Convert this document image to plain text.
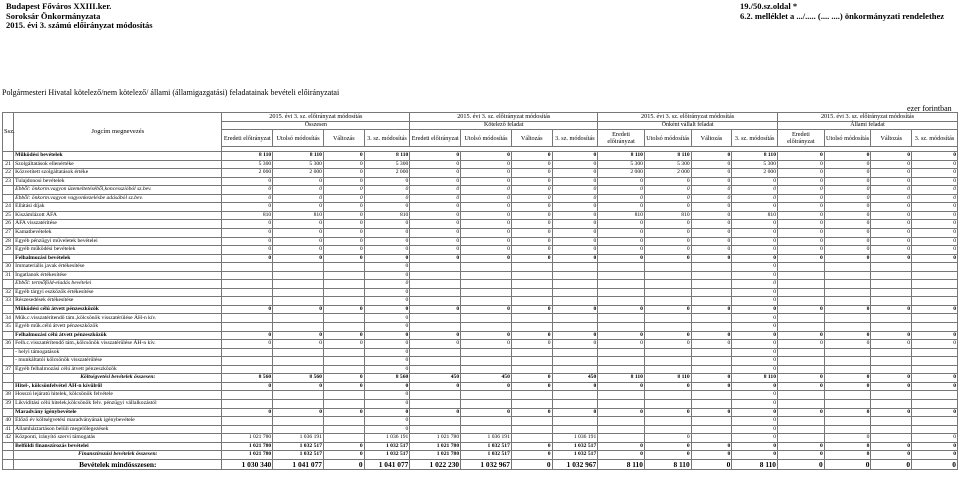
Budapest Főváros XXIII.ker.
Soroksár Önkormányzata
2015. évi 3. számú előirányzat módosítás
19./50.sz.oldal *
6.2. melléklet a .../..... (.... ....) önkormányzati rendelethez
Polgármesteri Hivatal kötelező/nem kötelező/ állami (államigazgatási) feladatainak bevételi előirányzatai
ezer forintban
Ssz.	Jogcím megnevezés	2015. évi 3. sz. előirányzat módosítás				2015. évi 3. sz. előirányzat módosítás				2015. évi 3. sz. előirányzat módosítás				2015. évi 3. sz. előirányzat módosítás			
		Összesen				Kötelező feladat				Önként vállalt feladat				Állami feladat			
		Eredeti előirányzat	Utolsó módosítás	Változás	3. sz. módosítás	Eredeti előirányzat	Utolsó módosítás	Változás	3. sz. módosítás	Eredeti előirányzat	Utolsó módosítás	Változás	3. sz. módosítás	Eredeti előirányzat	Utolsó módosítás	Változás	3. sz. módosítás

	Működési bevételek	8 110	8 110	0	8 110	0	0	0	0	8 110	8 110	0	8 110	0	0	0	0
21	Szolgáltatások ellenértéke	5 300	5 300	0	5 300	0	0	0	0	5 300	5 300	0	5 300	0	0	0	0
22	Közvetített szolgáltatások értéke	2 000	2 000	0	2 000	0	0	0	0	2 000	2 000	0	2 000	0	0	0	0
23	Tulajdonosi bevételek	0	0	0	0	0	0	0	0	0	0	0	0	0	0	0	0
	Ebből: önkorm.vagyon üzemeltetéséből,koncesszióból sz.bev.	0	0	0	0	0	0	0	0	0	0	0	0	0	0	0	0
	Ebből: önkorm.vagyon vagyonkezelésbe adásából sz.bev.	0	0	0	0	0	0	0	0	0	0	0	0	0	0	0	0
24	Ellátási díjak	0	0	0	0	0	0	0	0	0	0	0	0	0	0	0	0
25	Kiszámlázott ÁFA	810	810	0	810	0	0	0	0	810	810	0	810	0	0	0	0
26	ÁFA visszatérítése	0	0	0	0	0	0	0	0	0	0	0	0	0	0	0	0
27	Kamatbevételek	0	0	0	0	0	0	0	0	0	0	0	0	0	0	0	0
28	Egyéb pénzügyi műveletek bevételei	0	0	0	0	0	0	0	0	0	0	0	0	0	0	0	0
29	Egyéb működési bevételek	0	0	0	0	0	0	0	0	0	0	0	0	0	0	0	0
	Felhalmozási bevételek	0	0	0	0	0	0	0	0	0	0	0	0	0	0	0	0
30	Immateriális javak értékesítése				0								0				
31	Ingatlanok értékesítése				0								0				
	Ebből: termőföld-eladás bevételei				0								0				
32	Egyéb tárgyi eszközök értékesítése				0								0				
33	Részesedések értékesítése				0								0				
	Működési célú átvett pénzeszközök	0	0	0	0	0	0	0	0	0	0	0	0	0	0	0	0
34	Műk.c.visszatérítendő tám.,kölcsönök visszatérülése ÁH-n kív.				0								0				
35	Egyéb műk.célú átvett pénzeszközök				0								0				
	Felhalmozási célú átvett pénzeszközök	0	0	0	0	0	0	0	0	0	0	0	0	0	0	0	0
36	Felh.c.visszatérítendő tám.,kölcsönök visszatérülése ÁH-n kív.	0	0	0	0	0	0	0	0	0	0	0	0	0	0	0	0
	- helyi támogatások				0								0				
	- munkáltatói kölcsönök visszatérülése				0								0				
37	Egyéb felhalmozási célú átvett pénzeszközök				0								0				
	Költségvetési bevételek összesen:	8 560	8 560	0	8 560	450	450	0	450	8 110	8 110	0	8 110	0	0	0	0
	Hitel-, kölcsönfelvétel ÁH-n kívülről	0	0	0	0	0	0	0	0	0	0	0	0	0	0	0	0
38	Hosszú lejáratú hitelek, kölcsönök felvétele				0								0				
39	Likviditási célú hitelek,kölcsönök felv. pénzügyi vállalkozástól				0								0				
	Maradvány igénybevétele	0	0	0	0	0	0	0	0	0	0	0	0	0	0	0	0
40	Előző év költségvetési maradványának igénybevétele				0								0				
41	Államháztartáson belüli megelőlegezések				0								0				
42	Központi, irányító szervi támogatás	1 021 780	1 036 191		1 036 191	1 021 780	1 036 191		1 036 191		0		0		0		0
	Belföldi finanszírozás bevételei	1 021 780	1 032 517	0	1 032 517	1 021 780	1 032 517	0	1 032 517	0	0	0	0	0	0	0	0
	Finanszírozási bevételek összesen:	1 021 780	1 032 517	0	1 032 517	1 021 780	1 032 517	0	1 032 517	0	0	0	0	0	0	0	0
	Bevételek mindösszesen:	1 030 340	1 041 077	0	1 041 077	1 022 230	1 032 967	0	1 032 967	8 110	8 110	0	8 110	0	0	0	0
